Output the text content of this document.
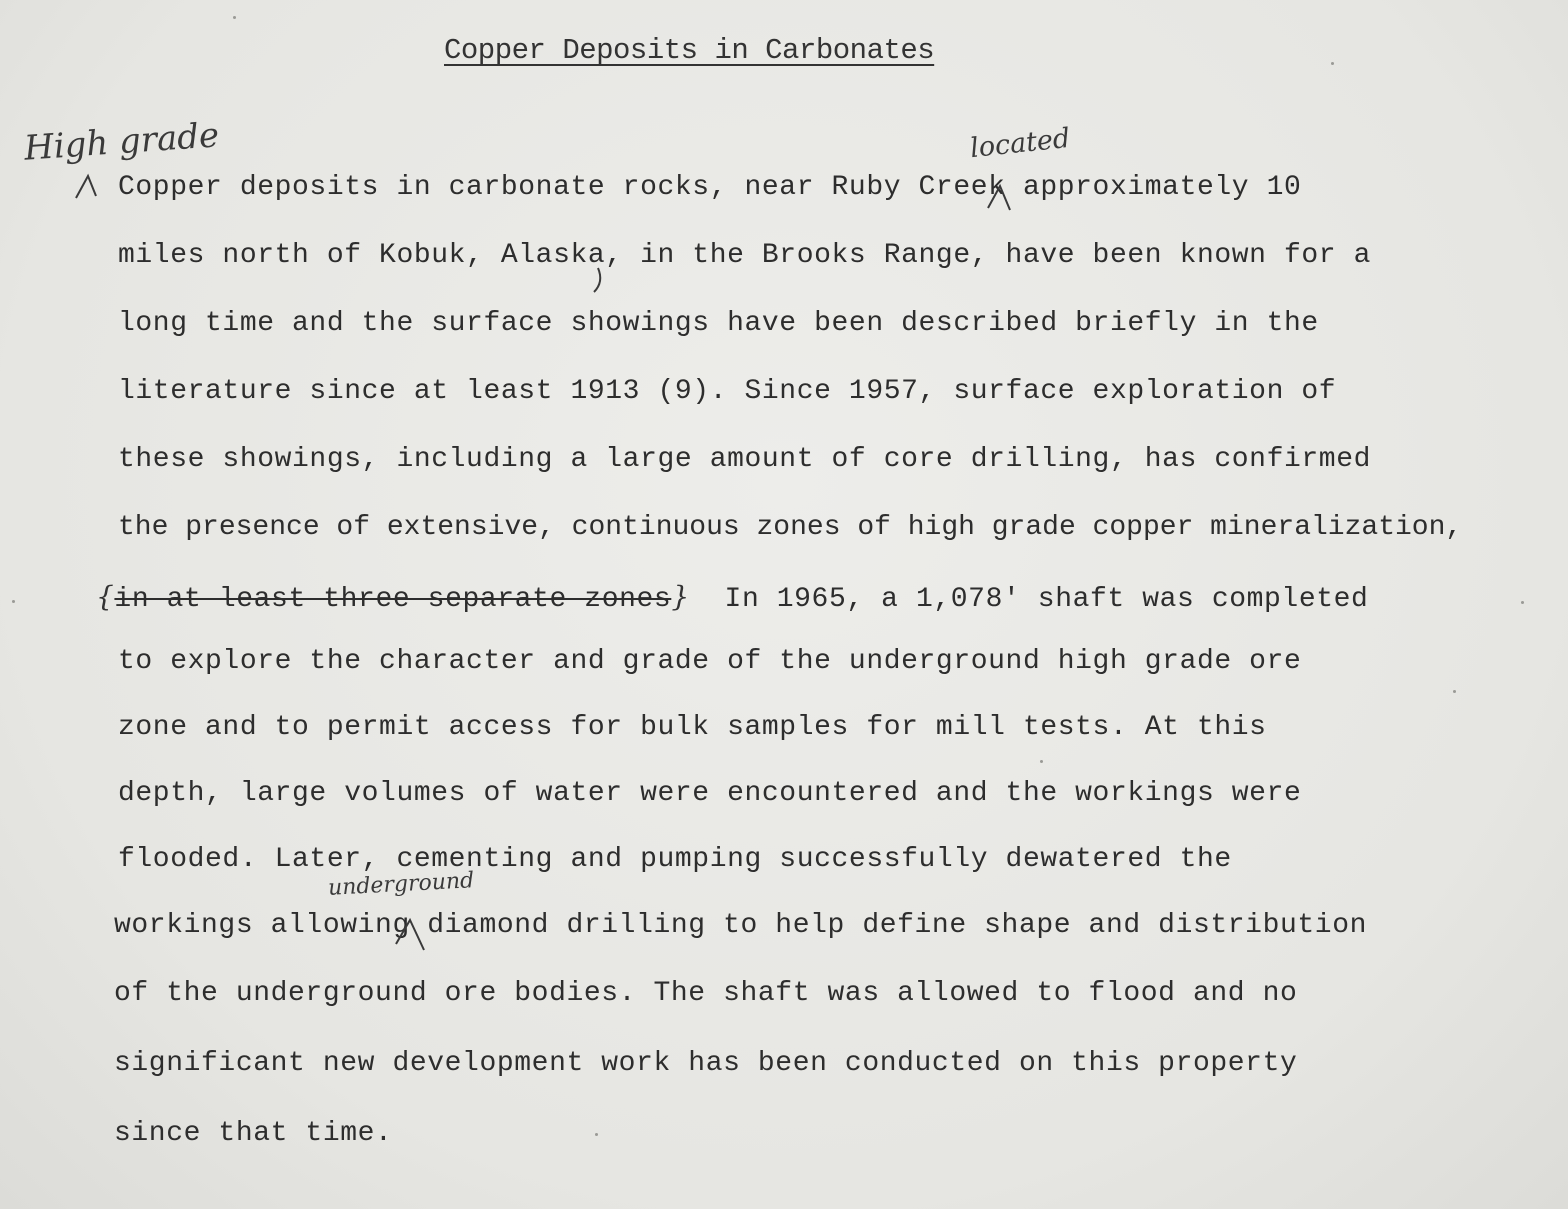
Copper Deposits in Carbonates
High grade	located
underground
Copper deposits in carbonate rocks, near Ruby Creek approximately 10
miles north of Kobuk, Alaska, in the Brooks Range, have been known for a
long time and the surface showings have been described briefly in the
literature since at least 1913 (9). Since 1957, surface exploration of
these showings, including a large amount of core drilling, has confirmed
the presence of extensive, continuous zones of high grade copper mineralization,
{in at least three separate zones} In 1965, a 1,078' shaft was completed
to explore the character and grade of the underground high grade ore
zone and to permit access for bulk samples for mill tests. At this
depth, large volumes of water were encountered and the workings were
flooded. Later, cementing and pumping successfully dewatered the
workings allowing diamond drilling to help define shape and distribution
of the underground ore bodies. The shaft was allowed to flood and no
significant new development work has been conducted on this property
since that time.
